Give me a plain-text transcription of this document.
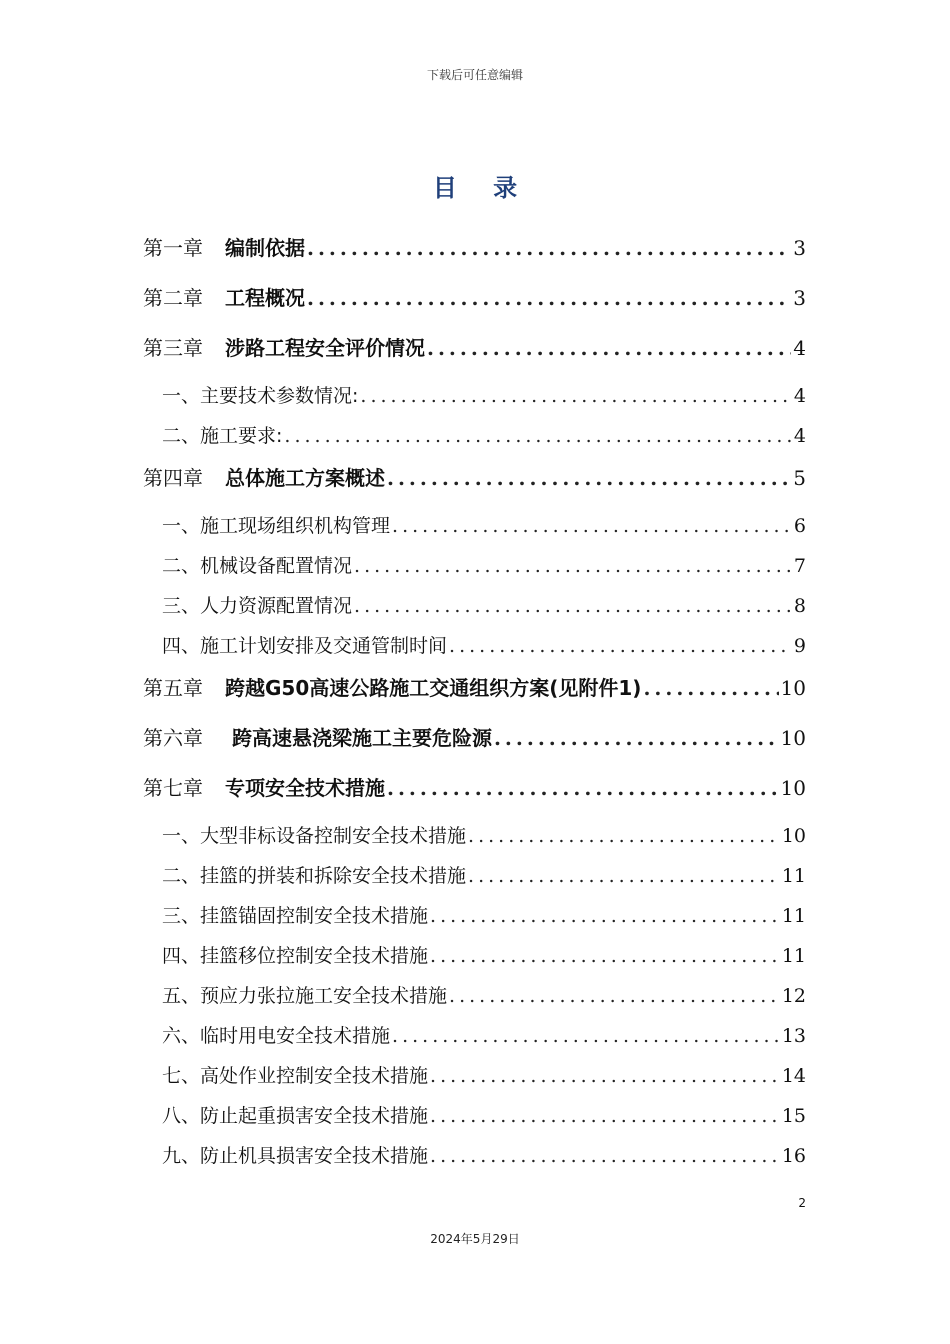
下载后可任意编辑
目 录
第一章 编制依据 .....	3
第二章 工程概况 .....	3
第三章 涉路工程安全评价情况 .....	4
一、主要技术参数情况: .....	4
二、施工要求: .....	4
第四章 总体施工方案概述 .....	5
一、施工现场组织机构管理 .....	6
二、机械设备配置情况 .....	7
三、人力资源配置情况 .....	8
四、施工计划安排及交通管制时间 .....	9
第五章 跨越G50高速公路施工交通组织方案(见附件1) .....	10
第六章 跨高速悬浇梁施工主要危险源 .....	10
第七章 专项安全技术措施 .....	10
一、大型非标设备控制安全技术措施 .....	10
二、挂篮的拼装和拆除安全技术措施 .....	11
三、挂篮锚固控制安全技术措施 .....	11
四、挂篮移位控制安全技术措施 .....	11
五、预应力张拉施工安全技术措施 .....	12
六、临时用电安全技术措施 .....	13
七、高处作业控制安全技术措施 .....	14
八、防止起重损害安全技术措施 .....	15
九、防止机具损害安全技术措施 .....	16
2
2024年5月29日
